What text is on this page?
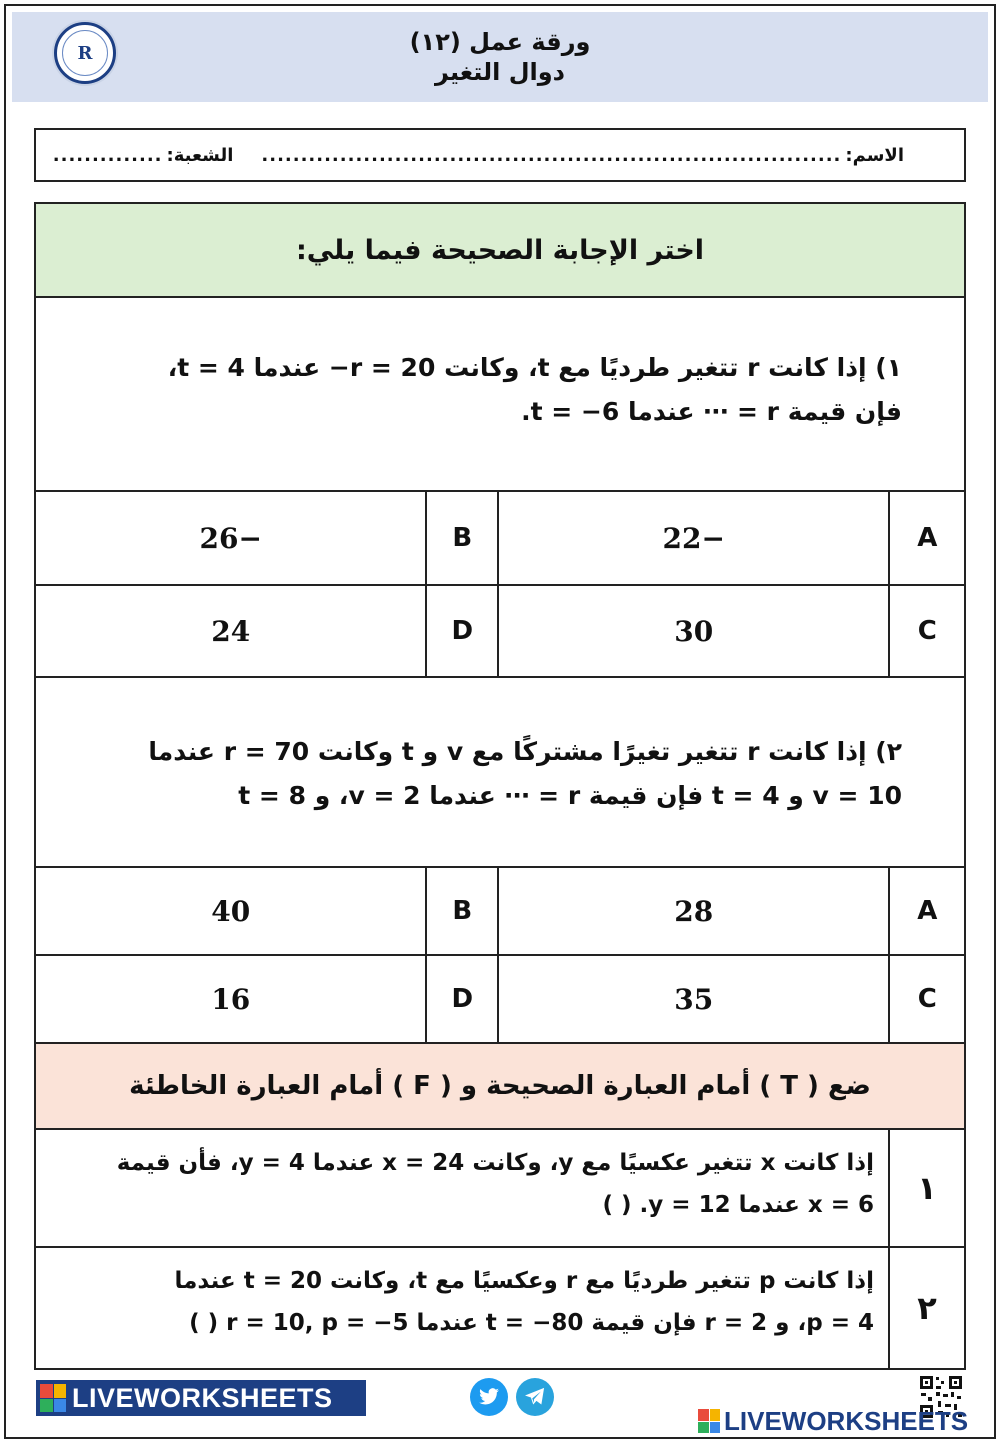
ورقة عمل (١٢)
دوال التغير
R
الاسم:
..........................................................................
الشعبة:
..............
اختر الإجابة الصحيحة فيما يلي:
١) إذا كانت r تتغير طرديًا مع t، وكانت r = 20− عندما t = 4،
فإن قيمة r = ⋯ عندما t = −6.
A
−22
B
−26
C
30
D
24
٢) إذا كانت r تتغير تغيرًا مشتركًا مع v و t وكانت r = 70 عندما
v = 10 و t = 4 فإن قيمة r = ⋯ عندما v = 2، و t = 8
A
28
B
40
C
35
D
16
ضع ( T ) أمام العبارة الصحيحة و ( F ) أمام العبارة الخاطئة
١
إذا كانت x تتغير عكسيًا مع y، وكانت x = 24 عندما y = 4، فأن قيمة
x = 6 عندما y = 12. ( )
٢
إذا كانت p تتغير طرديًا مع r وعكسيًا مع t، وكانت t = 20 عندما
p = 4، و r = 2 فإن قيمة t = −80 عندما r = 10, p = −5 ( )
LIVEWORKSHEETS
LIVEWORKSHEETS
